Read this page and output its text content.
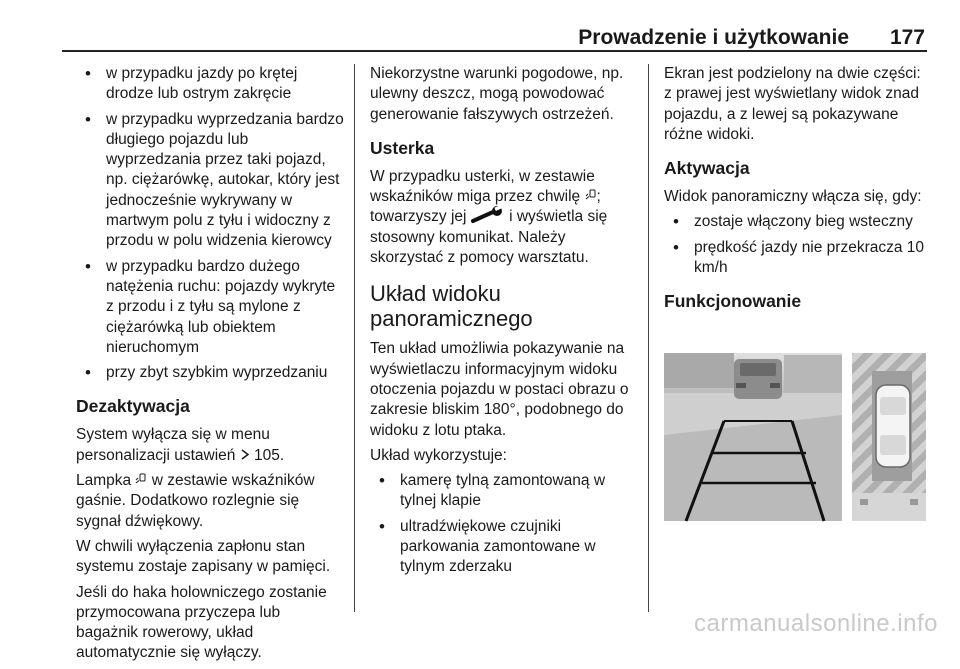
Prowadzenie i użytkowanie 177
• w przypadku jazdy po krętej drodze lub ostrym zakręcie
• w przypadku wyprzedzania bardzo długiego pojazdu lub wyprzedzania przez taki pojazd, np. ciężarówkę, autokar, który jest jednocześnie wykrywany w martwym polu z tyłu i widoczny z przodu w polu widzenia kierowcy
• w przypadku bardzo dużego natężenia ruchu: pojazdy wykryte z przodu i z tyłu są mylone z ciężarówką lub obiektem nieruchomym
• przy zbyt szybkim wyprzedzaniu
Dezaktywacja

System wyłącza się w menu personalizacji ustawień  105.

Lampka  w zestawie wskaźników gaśnie. Dodatkowo rozlegnie się sygnał dźwiękowy.

W chwili wyłączenia zapłonu stan systemu zostaje zapisany w pamięci.

Jeśli do haka holowniczego zostanie przymocowana przyczepa lub bagażnik rowerowy, układ automatycznie się wyłączy.

Niekorzystne warunki pogodowe, np. ulewny deszcz, mogą powodować generowanie fałszywych ostrzeżeń.

Usterka

W przypadku usterki, w zestawie wskaźników miga przez chwilę ; towarzyszy jej  i wyświetla się stosowny komunikat. Należy skorzystać z pomocy warsztatu.

Układ widoku
panoramicznego

Ten układ umożliwia pokazywanie na wyświetlaczu informacyjnym widoku otoczenia pojazdu w postaci obrazu o zakresie bliskim 180°, podobnego do widoku z lotu ptaka.

Układ wykorzystuje:

• kamerę tylną zamontowaną w tylnej klapie
• ultradźwiękowe czujniki parkowania zamontowane w tylnym zderzaku

Ekran jest podzielony na dwie części: z prawej jest wyświetlany widok znad pojazdu, a z lewej są pokazywane różne widoki.

Aktywacja

Widok panoramiczny włącza się, gdy:

• zostaje włączony bieg wsteczny
• prędkość jazdy nie przekracza 10 km/h
Funkcjonowanie
carmanualsonline.info
